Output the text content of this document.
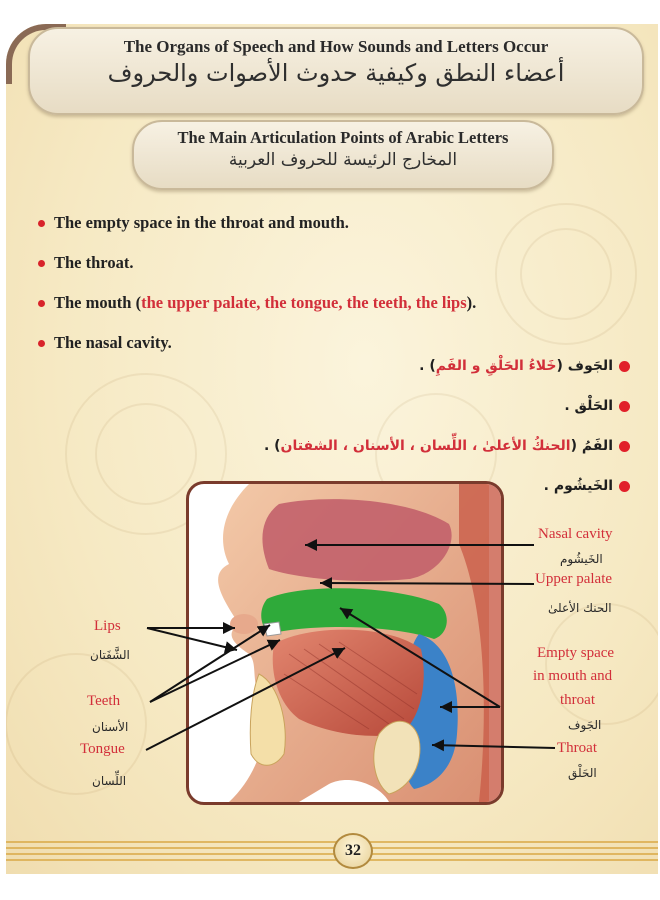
The Organs of Speech and How Sounds and Letters Occur
أعضاء النطق وكيفية حدوث الأصوات والحروف
The Main Articulation Points of Arabic Letters
المخارج الرئيسة للحروف العربية
The empty space in the throat and mouth.
The throat.
The mouth (the upper palate, the tongue, the teeth, the lips).
The nasal cavity.
الجَوف (خَلاءُ الحَلْقِ و الفَمِ) .
الحَلْق .
الفَمُ (الحنكُ الأعلىٰ ، اللِّسان ، الأسنان ، الشفتان) .
الخَيشُوم .
Nasal cavity
الخَيشُوم
Upper palate
الحنك الأعلىٰ
Empty space
in mouth and
throat
الجَوف
Throat
الحَلْق
Lips
الشَّفَتان
Teeth
الأسنان
Tongue
اللِّسان
32
